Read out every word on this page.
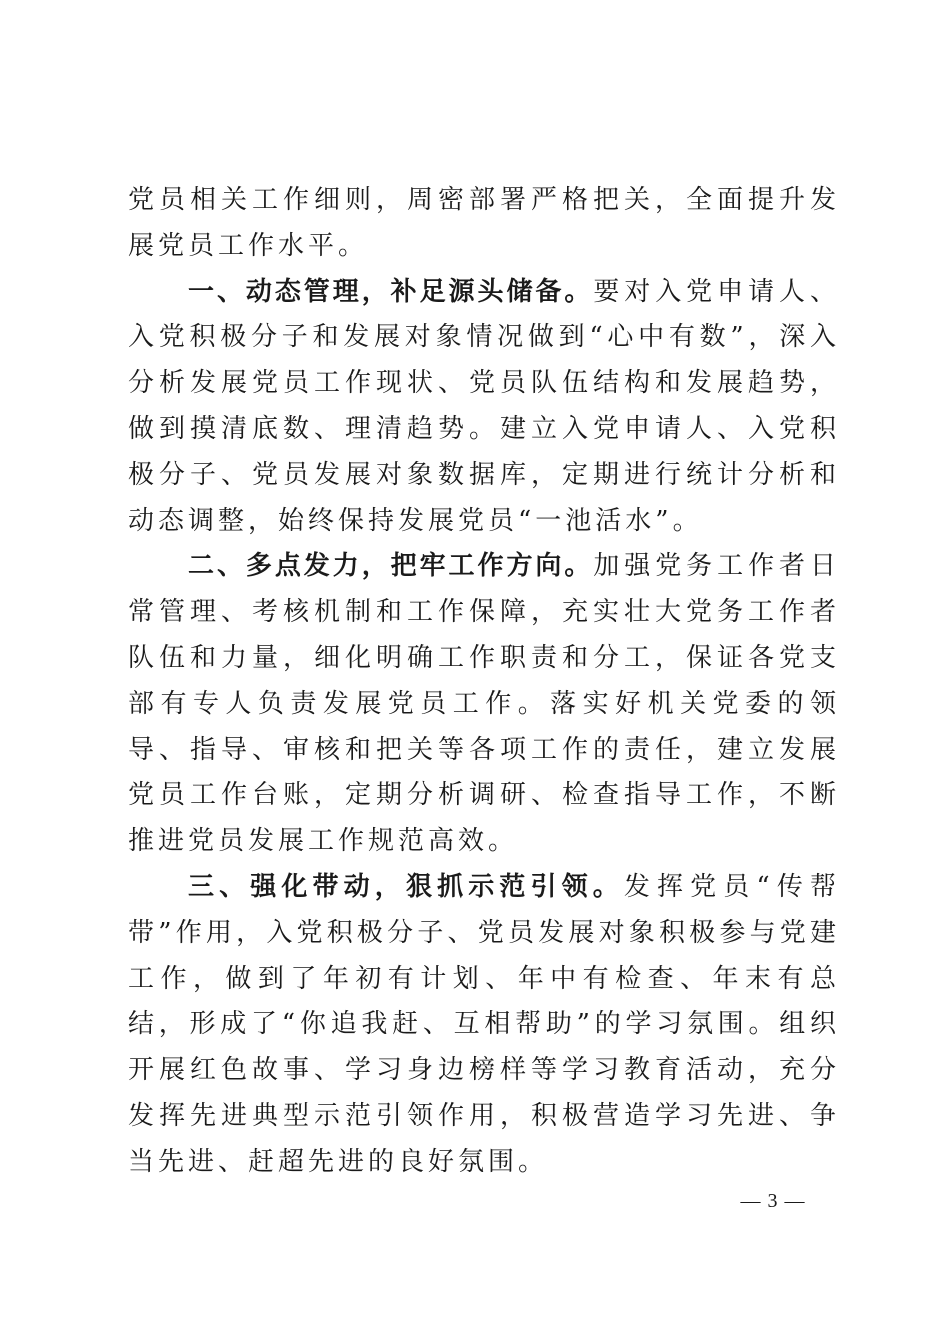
党员相关工作细则，周密部署严格把关，全面提升发展党员工作水平。

一、动态管理，补足源头储备。要对入党申请人、入党积极分子和发展对象情况做到“心中有数”，深入分析发展党员工作现状、党员队伍结构和发展趋势，做到摸清底数、理清趋势。建立入党申请人、入党积极分子、党员发展对象数据库，定期进行统计分析和动态调整，始终保持发展党员“一池活水”。

二、多点发力，把牢工作方向。加强党务工作者日常管理、考核机制和工作保障，充实壮大党务工作者队伍和力量，细化明确工作职责和分工，保证各党支部有专人负责发展党员工作。落实好机关党委的领导、指导、审核和把关等各项工作的责任，建立发展党员工作台账，定期分析调研、检查指导工作，不断推进党员发展工作规范高效。

三、强化带动，狠抓示范引领。发挥党员“传帮带”作用，入党积极分子、党员发展对象积极参与党建工作，做到了年初有计划、年中有检查、年末有总结，形成了“你追我赶、互相帮助”的学习氛围。组织开展红色故事、学习身边榜样等学习教育活动，充分发挥先进典型示范引领作用，积极营造学习先进、争当先进、赶超先进的良好氛围。

— 3 —
